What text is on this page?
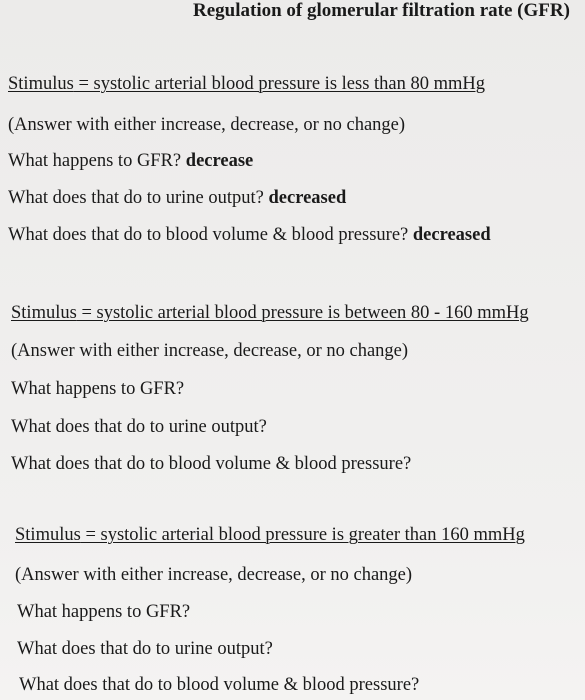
Regulation of glomerular filtration rate (GFR)

Stimulus = systolic arterial blood pressure is less than 80 mmHg

(Answer with either increase, decrease, or no change)

What happens to GFR? decrease

What does that do to urine output? decreased

What does that do to blood volume & blood pressure? decreased

Stimulus = systolic arterial blood pressure is between 80 - 160 mmHg

(Answer with either increase, decrease, or no change)

What happens to GFR?

What does that do to urine output?

What does that do to blood volume & blood pressure?

Stimulus = systolic arterial blood pressure is greater than 160 mmHg

(Answer with either increase, decrease, or no change)

What happens to GFR?

What does that do to urine output?

What does that do to blood volume & blood pressure?
